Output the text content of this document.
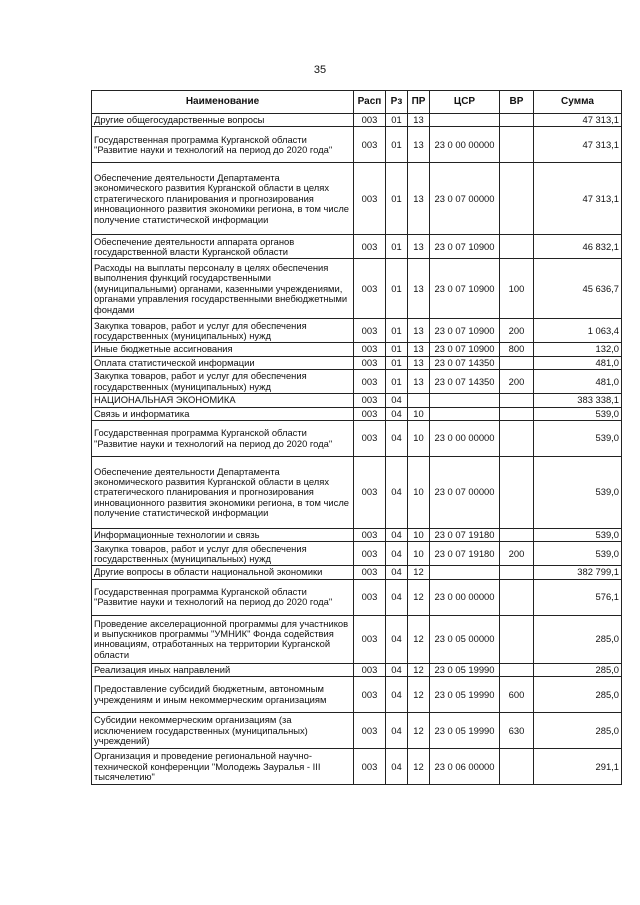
35
Наименование	Расп	Рз	ПР	ЦСР	ВР	Сумма
Другие общегосударственные вопросы	003	01	13			47 313,1
Государственная программа Курганской области "Развитие науки и технологий на период до 2020 года"	003	01	13	23 0 00 00000		47 313,1
Обеспечение деятельности Департамента экономического развития Курганской области в целях стратегического планирования и прогнозирования инновационного развития экономики региона, в том числе получение статистической информации	003	01	13	23 0 07 00000		47 313,1
Обеспечение деятельности аппарата органов государственной власти Курганской области	003	01	13	23 0 07 10900		46 832,1
Расходы на выплаты персоналу в целях обеспечения выполнения функций государственными (муниципальными) органами, казенными учреждениями, органами управления государственными внебюджетными фондами	003	01	13	23 0 07 10900	100	45 636,7
Закупка товаров, работ и услуг для обеспечения государственных (муниципальных) нужд	003	01	13	23 0 07 10900	200	1 063,4
Иные бюджетные ассигнования	003	01	13	23 0 07 10900	800	132,0
Оплата статистической информации	003	01	13	23 0 07 14350		481,0
Закупка товаров, работ и услуг для обеспечения государственных (муниципальных) нужд	003	01	13	23 0 07 14350	200	481,0
НАЦИОНАЛЬНАЯ ЭКОНОМИКА	003	04				383 338,1
Связь и информатика	003	04	10			539,0
Государственная программа Курганской области "Развитие науки и технологий на период до 2020 года"	003	04	10	23 0 00 00000		539,0
Обеспечение деятельности Департамента экономического развития Курганской области в целях стратегического планирования и прогнозирования инновационного развития экономики региона, в том числе получение статистической информации	003	04	10	23 0 07 00000		539,0
Информационные технологии и связь	003	04	10	23 0 07 19180		539,0
Закупка товаров, работ и услуг для обеспечения государственных (муниципальных) нужд	003	04	10	23 0 07 19180	200	539,0
Другие вопросы в области национальной экономики	003	04	12			382 799,1
Государственная программа Курганской области "Развитие науки и технологий на период до 2020 года"	003	04	12	23 0 00 00000		576,1
Проведение акселерационной программы для участников и выпускников программы "УМНИК" Фонда содействия инновациям, отработанных на территории Курганской области	003	04	12	23 0 05 00000		285,0
Реализация иных направлений	003	04	12	23 0 05 19990		285,0
Предоставление субсидий бюджетным, автономным учреждениям и иным некоммерческим организациям	003	04	12	23 0 05 19990	600	285,0
Субсидии некоммерческим организациям (за исключением государственных (муниципальных) учреждений)	003	04	12	23 0 05 19990	630	285,0
Организация и проведение региональной научно-технической конференции "Молодежь Зауралья - III тысячелетию"	003	04	12	23 0 06 00000		291,1
